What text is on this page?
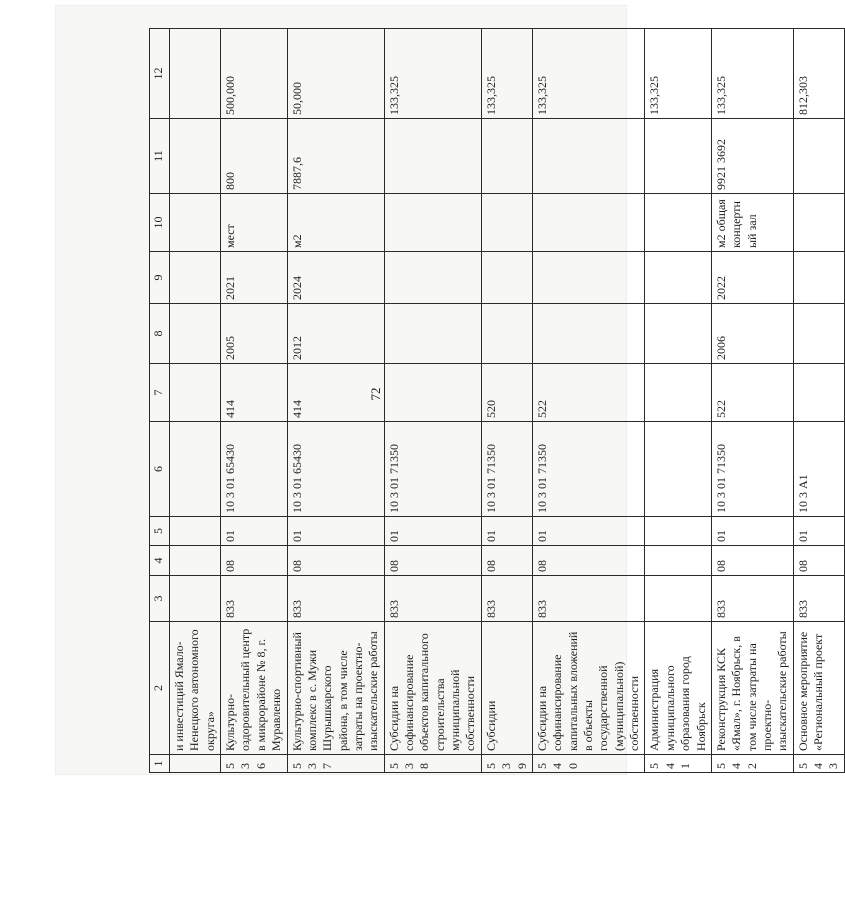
72
1	2	3	4	5	6	7	8	9	10	11	12
	и инвестиций Ямало-Ненецкого автономного округа»										
536	Культурно-оздоровительный центр в микрорайоне № 8, г. Муравленко	833	08	01	10 3 01 65430	414	2005	2021	мест	800	500,000
537	Культурно-спортивный комплекс в с. Мужи Шурышкарского района, в том числе затраты на проектно-изыскательские работы	833	08	01	10 3 01 65430	414	2012	2024	м2	7887,6	50,000
538	Субсидии на софинансирование объектов капитального строительства муниципальной собственности	833	08	01	10 3 01 71350						133,325
539	Субсидии	833	08	01	10 3 01 71350	520					133,325
540	Субсидии на софинансирование капитальных вложений в объекты государственной (муниципальной) собственности	833	08	01	10 3 01 71350	522					133,325
541	Администрация муниципального образования город Ноябрьск										133,325
542	Реконструкция КСК «Ямал», г. Ноябрьск, в том числе затраты на проектно-изыскательские работы	833	08	01	10 3 01 71350	522	2006	2022	м2 общая концертный зал	9921 3692	133,325
543	Основное мероприятие «Региональный проект	833	08	01	10 3 А1						812,303
